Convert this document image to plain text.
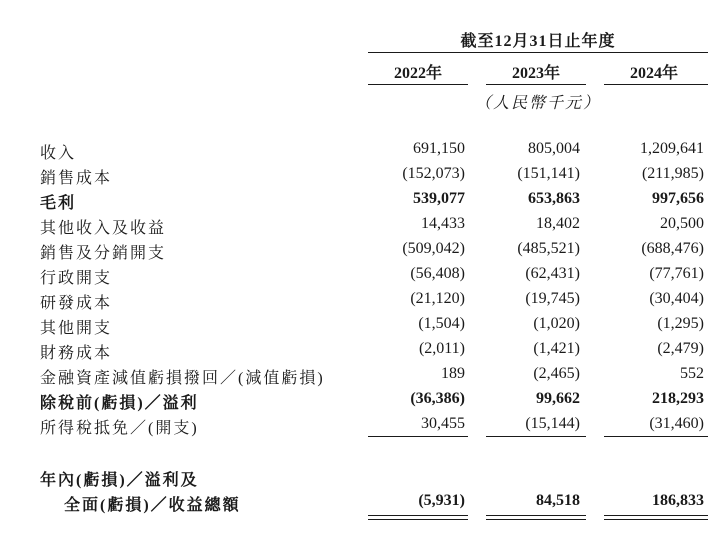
截至12月31日止年度
2022年	2023年	2024年
（人民幣千元）
收入	691,150	805,004	1,209,641
銷售成本	(152,073)	(151,141)	(211,985)
毛利	539,077	653,863	997,656
其他收入及收益	14,433	18,402	20,500
銷售及分銷開支	(509,042)	(485,521)	(688,476)
行政開支	(56,408)	(62,431)	(77,761)
研發成本	(21,120)	(19,745)	(30,404)
其他開支	(1,504)	(1,020)	(1,295)
財務成本	(2,011)	(1,421)	(2,479)
金融資產減值虧損撥回／(減值虧損)	189	(2,465)	552
除稅前(虧損)／溢利	(36,386)	99,662	218,293
所得稅抵免／(開支)	30,455	(15,144)	(31,460)
年內(虧損)／溢利及
全面(虧損)／收益總額	(5,931)	84,518	186,833
